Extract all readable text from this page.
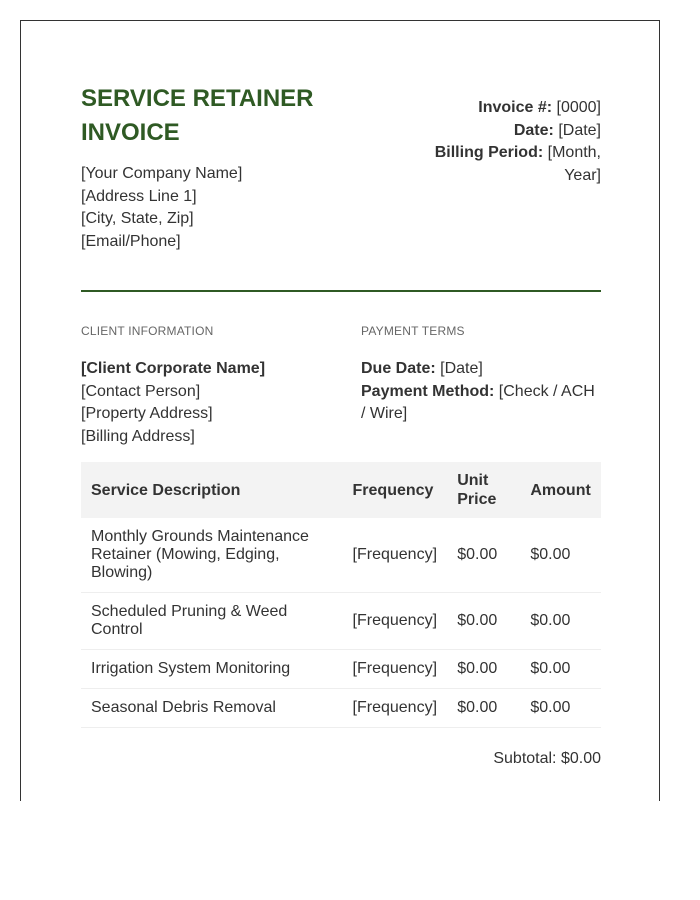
SERVICE RETAINER INVOICE
[Your Company Name]
[Address Line 1]
[City, State, Zip]
[Email/Phone]
Invoice #: [0000]
Date: [Date]
Billing Period: [Month, Year]
CLIENT INFORMATION
[Client Corporate Name]
[Contact Person]
[Property Address]
[Billing Address]
PAYMENT TERMS
Due Date: [Date]
Payment Method: [Check / ACH / Wire]
Service Description	Frequency	Unit Price	Amount
Monthly Grounds Maintenance Retainer (Mowing, Edging, Blowing)	[Frequency]	$0.00	$0.00
Scheduled Pruning & Weed Control	[Frequency]	$0.00	$0.00
Irrigation System Monitoring	[Frequency]	$0.00	$0.00
Seasonal Debris Removal	[Frequency]	$0.00	$0.00
Subtotal: $0.00
